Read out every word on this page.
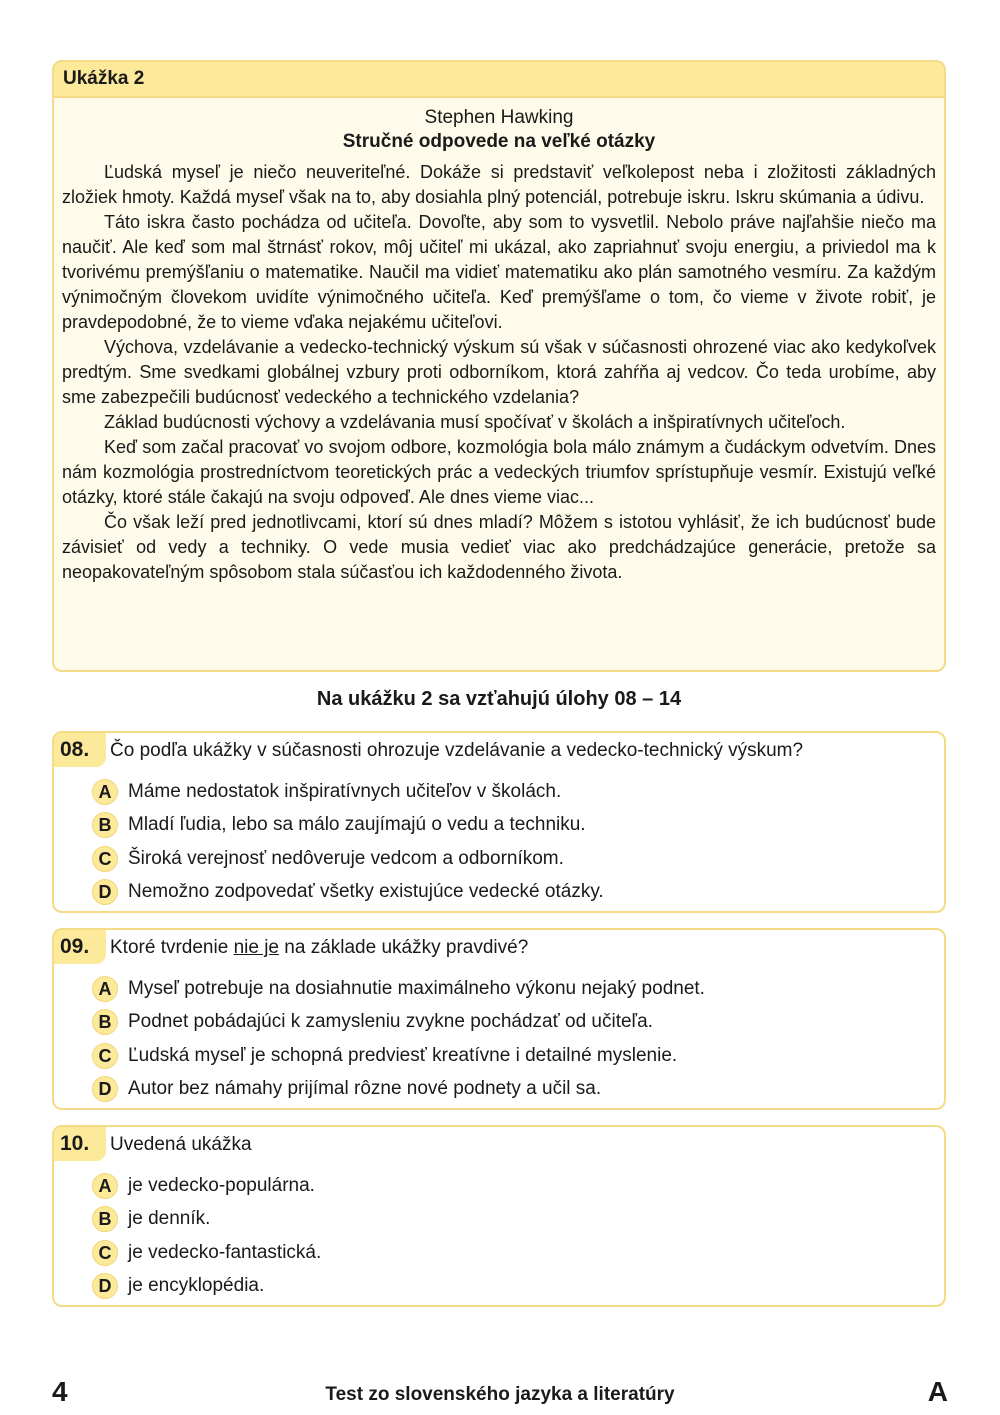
Ukážka 2
Stephen Hawking
Stručné odpovede na veľké otázky

Ľudská myseľ je niečo neuveriteľné. Dokáže si predstaviť veľkolepost neba i zložitosti základných zložiek hmoty. Každá myseľ však na to, aby dosiahla plný potenciál, potrebuje iskru. Iskru skúmania a údivu.

Táto iskra často pochádza od učiteľa. Dovoľte, aby som to vysvetlil. Nebolo práve najľahšie niečo ma naučiť. Ale keď som mal štrnásť rokov, môj učiteľ mi ukázal, ako zapriahnuť svoju energiu, a priviedol ma k tvorivému premýšľaniu o matematike. Naučil ma vidieť matematiku ako plán samotného vesmíru. Za každým výnimočným človekom uvidíte výnimočného učiteľa. Keď premýšľame o tom, čo vieme v živote robiť, je pravdepodobné, že to vieme vďaka nejakému učiteľovi.

Výchova, vzdelávanie a vedecko-technický výskum sú však v súčasnosti ohrozené viac ako kedykoľvek predtým. Sme svedkami globálnej vzbury proti odborníkom, ktorá zahŕňa aj vedcov. Čo teda urobíme, aby sme zabezpečili budúcnosť vedeckého a technického vzdelania?

Základ budúcnosti výchovy a vzdelávania musí spočívať v školách a inšpiratívnych učiteľoch.

Keď som začal pracovať vo svojom odbore, kozmológia bola málo známym a čudáckym odvetvím. Dnes nám kozmológia prostredníctvom teoretických prác a vedeckých triumfov sprístupňuje vesmír. Existujú veľké otázky, ktoré stále čakajú na svoju odpoveď. Ale dnes vieme viac...

Čo však leží pred jednotlivcami, ktorí sú dnes mladí? Môžem s istotou vyhlásiť, že ich budúcnosť bude závisieť od vedy a techniky. O vede musia vedieť viac ako predchádzajúce generácie, pretože sa neopakovateľným spôsobom stala súčasťou ich každodenného života.

Na ukážku 2 sa vzťahujú úlohy 08 – 14
08. Čo podľa ukážky v súčasnosti ohrozuje vzdelávanie a vedecko-technický výskum?
A Máme nedostatok inšpiratívnych učiteľov v školách.
B Mladí ľudia, lebo sa málo zaujímajú o vedu a techniku.
C Široká verejnosť nedôveruje vedcom a odborníkom.
D Nemožno zodpovedať všetky existujúce vedecké otázky.
09. Ktoré tvrdenie nie je na základe ukážky pravdivé?
A Myseľ potrebuje na dosiahnutie maximálneho výkonu nejaký podnet.
B Podnet pobádajúci k zamysleniu zvykne pochádzať od učiteľa.
C Ľudská myseľ je schopná predviesť kreatívne i detailné myslenie.
D Autor bez námahy prijímal rôzne nové podnety a učil sa.
10. Uvedená ukážka
A je vedecko-populárna.
B je denník.
C je vedecko-fantastická.
D je encyklopédia.
4	Test zo slovenského jazyka a literatúry	A
